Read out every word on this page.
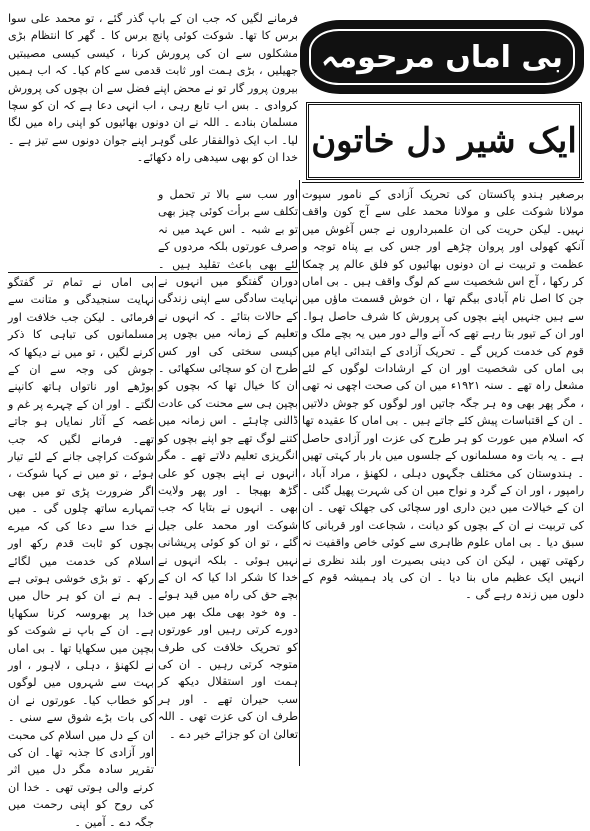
بی اماں مرحومہ
ایک شیر دل خاتون
فرمانے لگیں کہ جب ان کے باپ گذر گئے ، تو محمد علی سوا برس کا تھا۔ شوکت کوئی پانچ برس کا ۔ گھر کا انتظام بڑی مشکلوں سے ان کی پرورش کرنا ، کیسی کیسی مصیبتیں جھیلیں ، بڑی ہمت اور ثابت قدمی سے کام کیا۔ کہ اب ہمیں بیرون پرور گار تو نے محض اپنے فضل سے ان بچوں کی پرورش کروادی ۔ بس اب تابع رہی ، اب انہی دعا ہے کہ ان کو سچا مسلمان بنادے ۔ اللہ نے ان دونوں بھائیوں کو اپنی راہ میں لگا لیا۔ اب ایک ذوالفقار علی گوہر اپنے جوان دونوں سے تیز ہے ۔ خدا ان کو بھی سیدھی راہ دکھائے۔
برصغیر ہندو پاکستان کی تحریک آزادی کے نامور سپوت مولانا شوکت علی و مولانا محمد علی سے آج کون واقف نہیں۔ لیکن حریت کی ان علمبرداروں نے جس آغوش میں آنکھ کھولی اور پروان چڑھے اور جس کی بے پناہ توجہ و عظمت و تربیت نے ان دونوں بھائیوں کو فلق عالم پر چمکا کر رکھا ، آج اس شخصیت سے کم لوگ واقف ہیں ۔ بی اماں جن کا اصل نام آبادی بیگم تھا ، ان خوش قسمت ماؤں میں سے ہیں جنہیں اپنے بچوں کی پرورش کا شرف حاصل ہوا۔ اور ان کے تیور بتا رہے تھے کہ آنے والے دور میں یہ بچے ملک و قوم کی خدمت کریں گے ۔ تحریک آزادی کے ابتدائی ایام میں بی اماں کی شخصیت اور ان کے ارشادات لوگوں کے لئے مشعل راہ تھے ۔ سنہ ۱۹۲۱ء میں ان کی صحت اچھی نہ تھی ، مگر پھر بھی وہ ہر جگہ جاتیں اور لوگوں کو جوش دلاتیں ۔ ان کے اقتباسات پیش کئے جاتے ہیں ۔ بی اماں کا عقیدہ تھا کہ اسلام میں عورت کو ہر طرح کی عزت اور آزادی حاصل ہے ۔ یہ بات وہ مسلمانوں کے جلسوں میں بار بار کہتی تھیں ۔ ہندوستان کی مختلف جگہوں دہلی ، لکھنؤ ، مراد آباد ، رامپور ، اور ان کے گرد و نواح میں ان کی شہرت پھیل گئی ۔ ان کے خیالات میں دین داری اور سچائی کی جھلک تھی ۔ ان کی تربیت نے ان کے بچوں کو دیانت ، شجاعت اور قربانی کا سبق دیا ۔ بی اماں علوم ظاہری سے کوئی خاص واقفیت نہ رکھتی تھیں ، لیکن ان کی دینی بصیرت اور بلند نظری نے انہیں ایک عظیم ماں بنا دیا ۔ ان کی یاد ہمیشہ قوم کے دلوں میں زندہ رہے گی ۔
اور سب سے بالا تر تحمل و تکلف سے برأت کوئی چیز بھی تو بے شبہ ۔ اس عہد میں نہ صرف عورتوں بلکہ مردوں کے لئے بھی باعث تقلید ہیں ۔ دوران گفتگو میں انہوں نے نہایت سادگی سے اپنی زندگی کے حالات بتائے ۔ کہ انہوں نے تعلیم کے زمانہ میں بچوں پر کیسی سختی کی اور کس طرح ان کو سچائی سکھائی ۔ ان کا خیال تھا کہ بچوں کو بچپن ہی سے محنت کی عادت ڈالنی چاہئے ۔ اس زمانہ میں کتنے لوگ تھے جو اپنے بچوں کو انگریزی تعلیم دلاتے تھے ۔ مگر انہوں نے اپنے بچوں کو علی گڑھ بھیجا ۔ اور پھر ولایت بھی ۔ انہوں نے بتایا کہ جب شوکت اور محمد علی جیل گئے ، تو ان کو کوئی پریشانی نہیں ہوئی ۔ بلکہ انہوں نے خدا کا شکر ادا کیا کہ ان کے بچے حق کی راہ میں قید ہوئے ۔ وہ خود بھی ملک بھر میں دورے کرتی رہیں اور عورتوں کو تحریک خلافت کی طرف متوجہ کرتی رہیں ۔ ان کی ہمت اور استقلال دیکھ کر سب حیران تھے ۔ اور ہر طرف ان کی عزت تھی ۔ اللہ تعالیٰ ان کو جزائے خیر دے ۔
بی اماں نے تمام تر گفتگو نہایت سنجیدگی و متانت سے فرمائی ۔ لیکن جب خلافت اور مسلمانوں کی تباہی کا ذکر کرنے لگیں ، تو میں نے دیکھا کہ جوش کی وجہ سے ان کے بوڑھے اور ناتواں ہاتھ کانپنے لگتے ۔ اور ان کے چہرے پر غم و غصہ کے آثار نمایاں ہو جاتے تھے۔ فرمانے لگیں کہ جب شوکت کراچی جانے کے لئے تیار ہوئے ، تو میں نے کہا شوکت ، اگر ضرورت پڑی تو میں بھی تمہارے ساتھ چلوں گی ۔ میں نے خدا سے دعا کی کہ میرے بچوں کو ثابت قدم رکھ اور اسلام کی خدمت میں لگائے رکھ ۔ تو بڑی خوشی ہوتی ہے ۔ ہم نے ان کو ہر حال میں خدا پر بھروسہ کرنا سکھایا ہے۔ ان کے باپ نے شوکت کو بچپن میں سکھایا تھا ۔ بی اماں نے لکھنؤ ، دہلی ، لاہور ، اور بہت سے شہروں میں لوگوں کو خطاب کیا۔ عورتوں نے ان کی بات بڑے شوق سے سنی ۔ ان کے دل میں اسلام کی محبت اور آزادی کا جذبہ تھا۔ ان کی تقریر سادہ مگر دل میں اثر کرنے والی ہوتی تھی ۔ خدا ان کی روح کو اپنی رحمت میں جگہ دے ۔ آمین ۔
